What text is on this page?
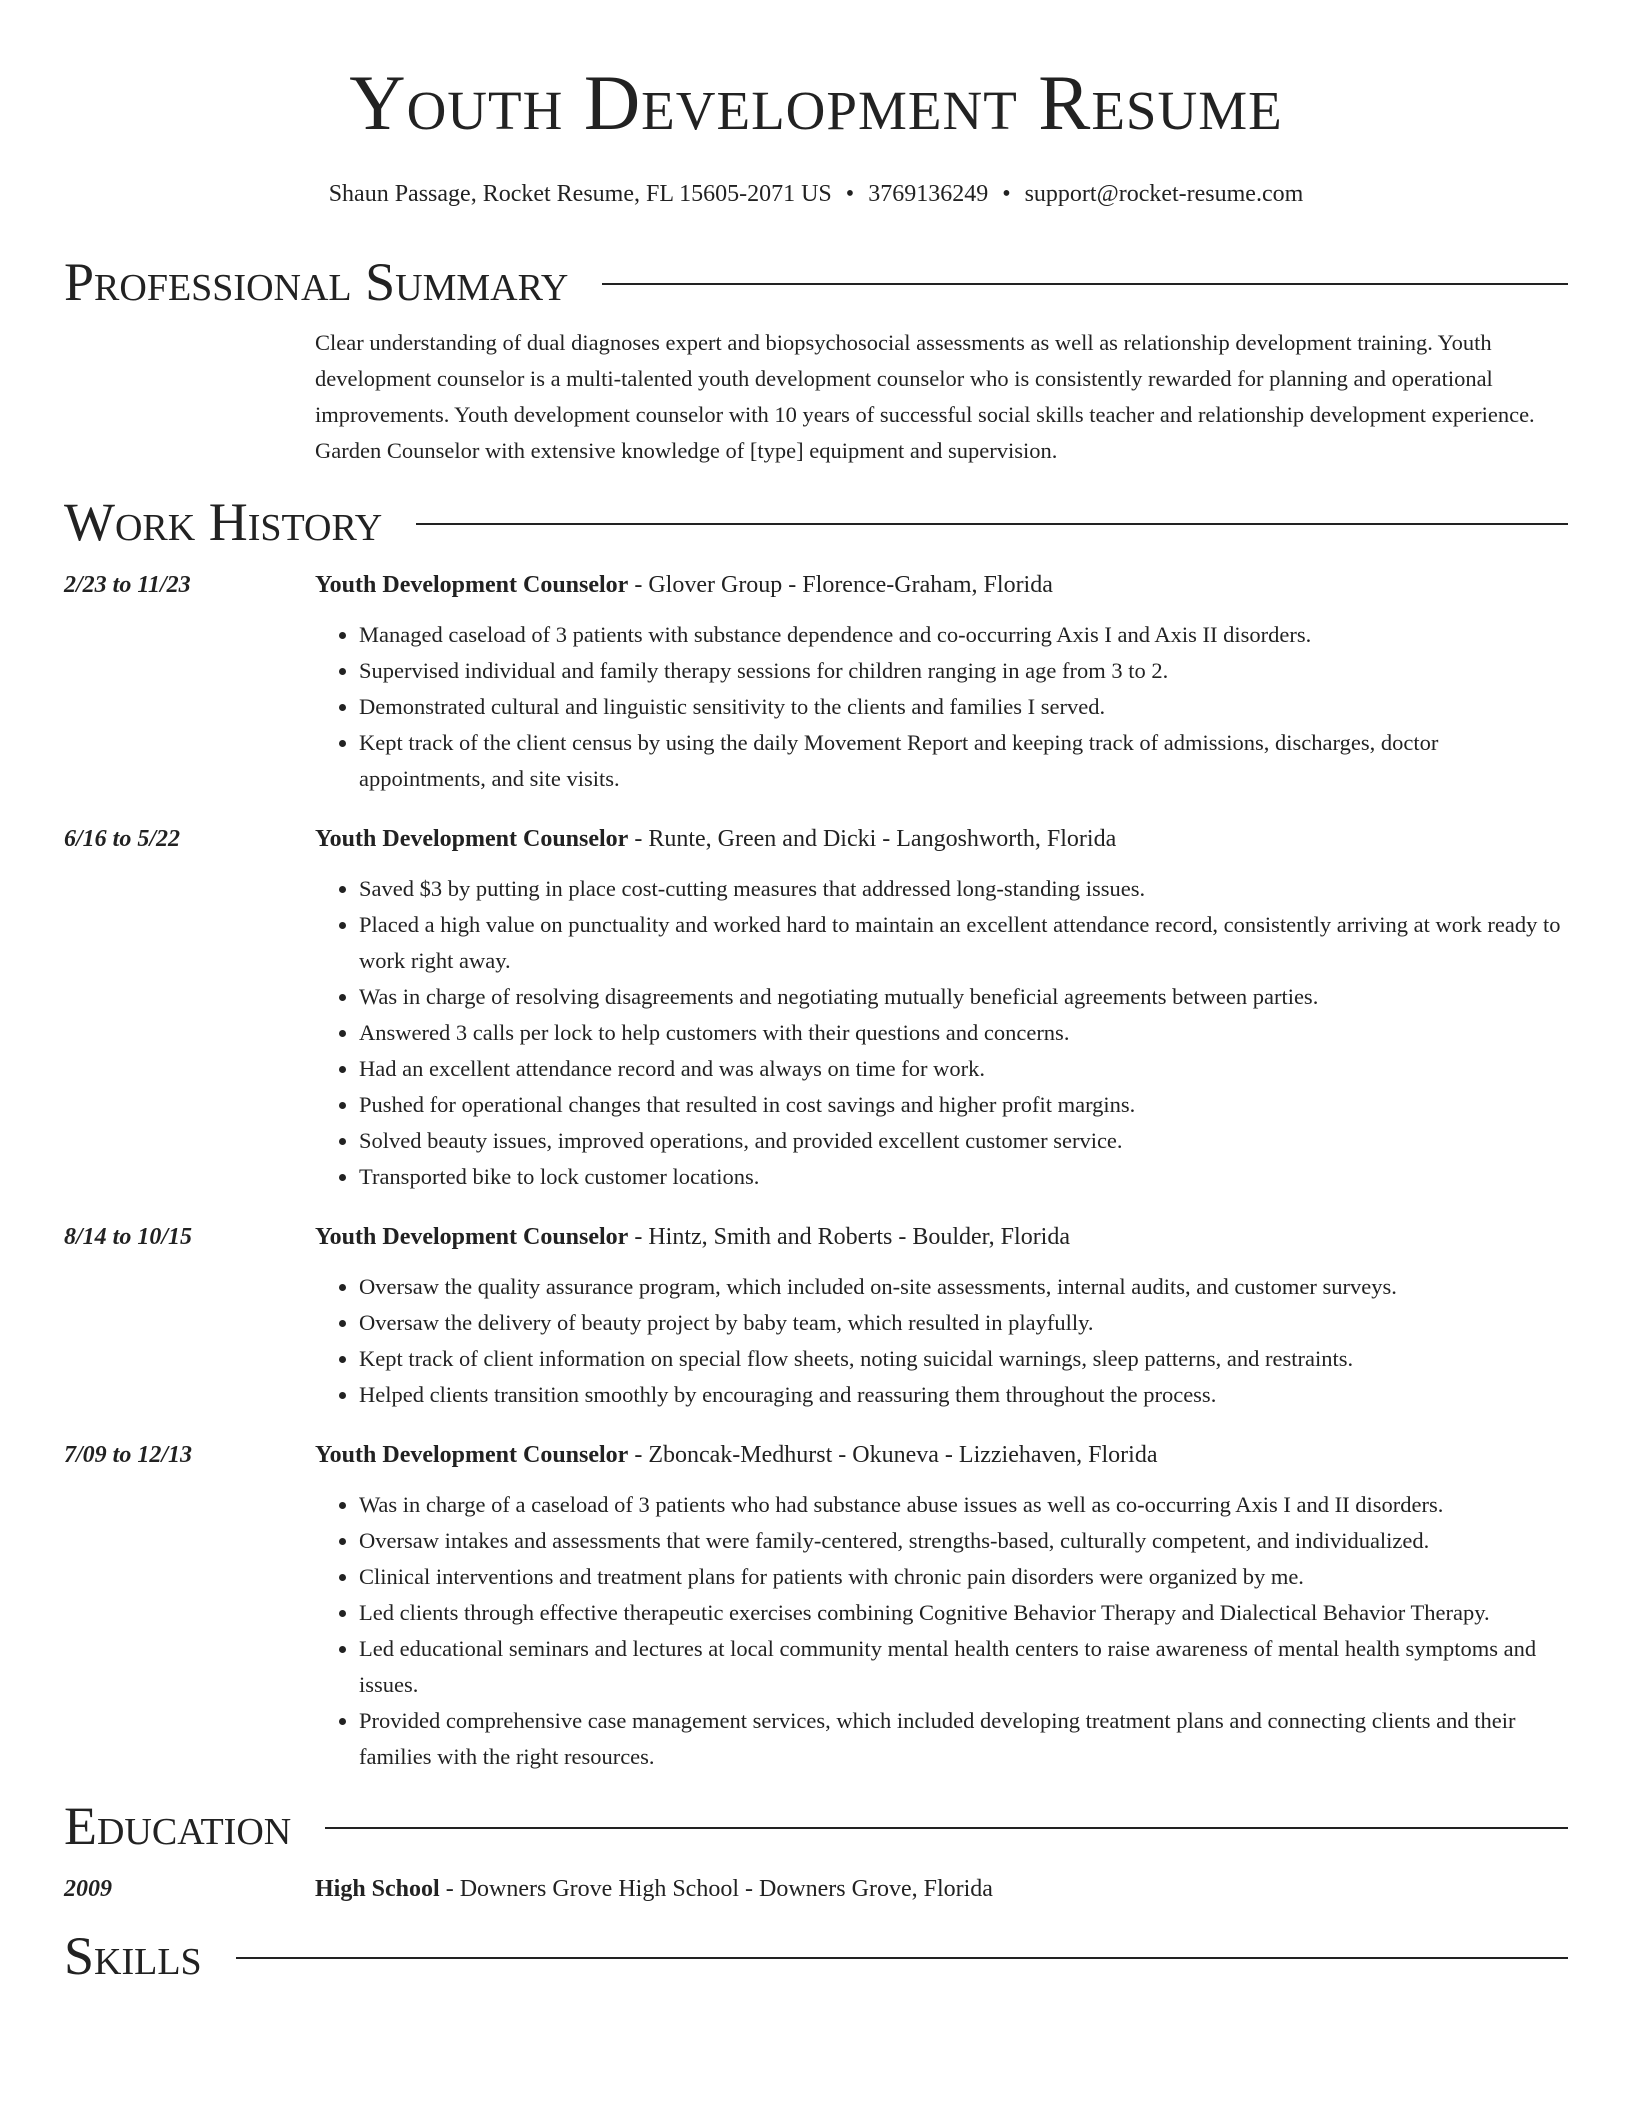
Youth Development Resume
Shaun Passage, Rocket Resume, FL 15605-2071 US • 3769136249 • support@rocket-resume.com
Professional Summary
Clear understanding of dual diagnoses expert and biopsychosocial assessments as well as relationship development training. Youth development counselor is a multi-talented youth development counselor who is consistently rewarded for planning and operational improvements. Youth development counselor with 10 years of successful social skills teacher and relationship development experience. Garden Counselor with extensive knowledge of [type] equipment and supervision.
Work History
2/23 to 11/23	Youth Development Counselor - Glover Group - Florence-Graham, Florida
• Managed caseload of 3 patients with substance dependence and co-occurring Axis I and Axis II disorders.
• Supervised individual and family therapy sessions for children ranging in age from 3 to 2.
• Demonstrated cultural and linguistic sensitivity to the clients and families I served.
• Kept track of the client census by using the daily Movement Report and keeping track of admissions, discharges, doctor appointments, and site visits.
6/16 to 5/22	Youth Development Counselor - Runte, Green and Dicki - Langoshworth, Florida
• Saved $3 by putting in place cost-cutting measures that addressed long-standing issues.
• Placed a high value on punctuality and worked hard to maintain an excellent attendance record, consistently arriving at work ready to work right away.
• Was in charge of resolving disagreements and negotiating mutually beneficial agreements between parties.
• Answered 3 calls per lock to help customers with their questions and concerns.
• Had an excellent attendance record and was always on time for work.
• Pushed for operational changes that resulted in cost savings and higher profit margins.
• Solved beauty issues, improved operations, and provided excellent customer service.
• Transported bike to lock customer locations.
8/14 to 10/15	Youth Development Counselor - Hintz, Smith and Roberts - Boulder, Florida
• Oversaw the quality assurance program, which included on-site assessments, internal audits, and customer surveys.
• Oversaw the delivery of beauty project by baby team, which resulted in playfully.
• Kept track of client information on special flow sheets, noting suicidal warnings, sleep patterns, and restraints.
• Helped clients transition smoothly by encouraging and reassuring them throughout the process.
7/09 to 12/13	Youth Development Counselor - Zboncak-Medhurst - Okuneva - Lizziehaven, Florida
• Was in charge of a caseload of 3 patients who had substance abuse issues as well as co-occurring Axis I and II disorders.
• Oversaw intakes and assessments that were family-centered, strengths-based, culturally competent, and individualized.
• Clinical interventions and treatment plans for patients with chronic pain disorders were organized by me.
• Led clients through effective therapeutic exercises combining Cognitive Behavior Therapy and Dialectical Behavior Therapy.
• Led educational seminars and lectures at local community mental health centers to raise awareness of mental health symptoms and issues.
• Provided comprehensive case management services, which included developing treatment plans and connecting clients and their families with the right resources.
Education
2009	High School - Downers Grove High School - Downers Grove, Florida
Skills
